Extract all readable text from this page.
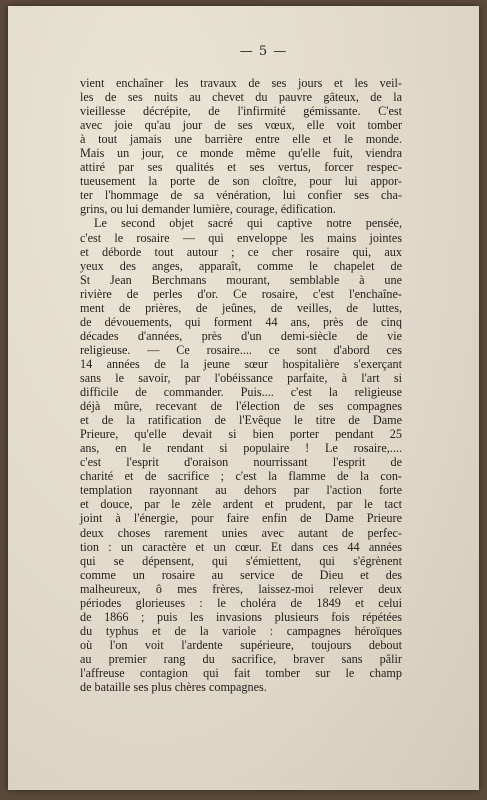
— 5 —
vient enchaîner les travaux de ses jours et les veil-
les de ses nuits au chevet du pauvre gâteux, de la
vieillesse décrépite, de l'infirmité gémissante. C'est
avec joie qu'au jour de ses vœux, elle voit tomber
à tout jamais une barrière entre elle et le monde.
Mais un jour, ce monde même qu'elle fuit, viendra
attiré par ses qualités et ses vertus, forcer respec-
tueusement la porte de son cloître, pour lui appor-
ter l'hommage de sa vénération, lui confier ses cha-
grins, ou lui demander lumière, courage, édification.
Le second objet sacré qui captive notre pensée,
c'est le rosaire — qui enveloppe les mains jointes
et déborde tout autour ; ce cher rosaire qui, aux
yeux des anges, apparaît, comme le chapelet de
St Jean Berchmans mourant, semblable à une
rivière de perles d'or. Ce rosaire, c'est l'enchaîne-
ment de prières, de jeûnes, de veilles, de luttes,
de dévouements, qui forment 44 ans, près de cinq
décades d'années, près d'un demi-siècle de vie
religieuse. — Ce rosaire.... ce sont d'abord ces
14 années de la jeune sœur hospitalière s'exerçant
sans le savoir, par l'obéissance parfaite, à l'art si
difficile de commander. Puis.... c'est la religieuse
déjà mûre, recevant de l'élection de ses compagnes
et de la ratification de l'Evêque le titre de Dame
Prieure, qu'elle devait si bien porter pendant 25
ans, en le rendant si populaire ! Le rosaire,....
c'est l'esprit d'oraison nourrissant l'esprit de
charité et de sacrifice ; c'est la flamme de la con-
templation rayonnant au dehors par l'action forte
et douce, par le zèle ardent et prudent, par le tact
joint à l'énergie, pour faire enfin de Dame Prieure
deux choses rarement unies avec autant de perfec-
tion : un caractère et un cœur. Et dans ces 44 années
qui se dépensent, qui s'émiettent, qui s'égrènent
comme un rosaire au service de Dieu et des
malheureux, ô mes frères, laissez-moi relever deux
périodes glorieuses : le choléra de 1849 et celui
de 1866 ; puis les invasions plusieurs fois répétées
du typhus et de la variole : campagnes héroïques
où l'on voit l'ardente supérieure, toujours debout
au premier rang du sacrifice, braver sans pâlir
l'affreuse contagion qui fait tomber sur le champ
de bataille ses plus chères compagnes.
